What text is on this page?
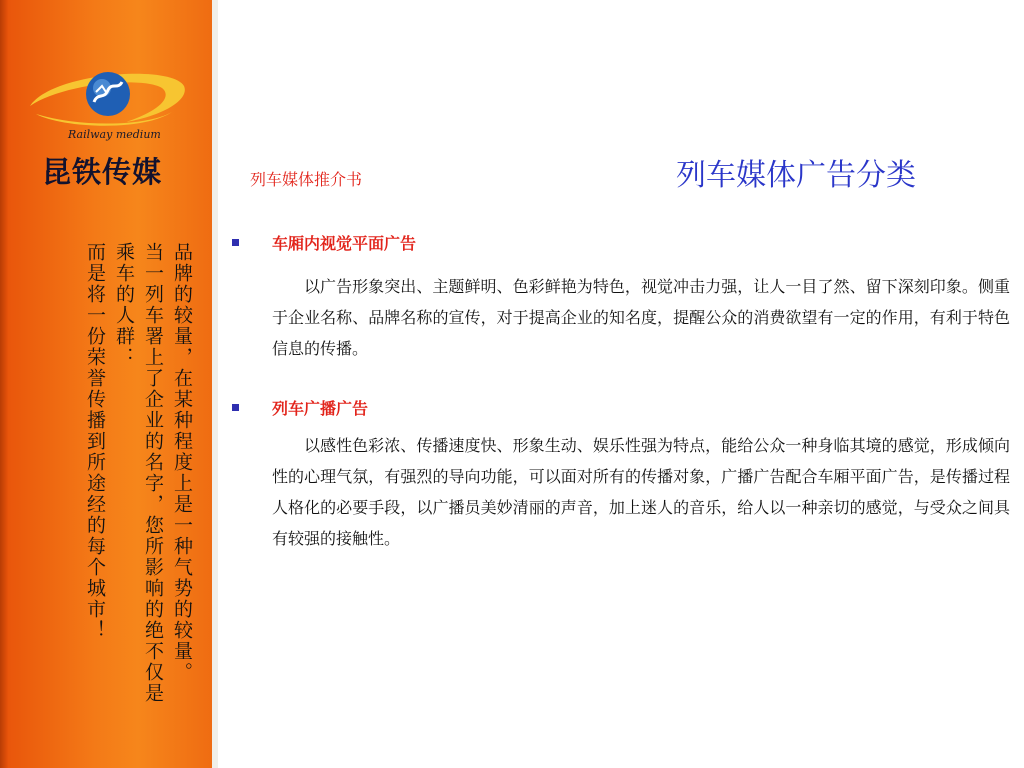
Railway medium
昆铁传媒

品牌的较量，在某种程度上是一种气势的较量。

当一列车署上了企业的名字，您所影响的绝不仅是

乘车的人群：

而是将一份荣誉传播到所途经的每个城市！

列车媒体推介书	列车媒体广告分类
车厢内视觉平面广告

以广告形象突出、主题鲜明、色彩鲜艳为特色，视觉冲击力强，让人一目了然、留下深刻印象。侧重于企业名称、品牌名称的宣传，对于提高企业的知名度，提醒公众的消费欲望有一定的作用，有利于特色信息的传播。

列车广播广告

以感性色彩浓、传播速度快、形象生动、娱乐性强为特点，能给公众一种身临其境的感觉，形成倾向性的心理气氛，有强烈的导向功能，可以面对所有的传播对象，广播广告配合车厢平面广告，是传播过程人格化的必要手段，以广播员美妙清丽的声音，加上迷人的音乐，给人以一种亲切的感觉，与受众之间具有较强的接触性。
